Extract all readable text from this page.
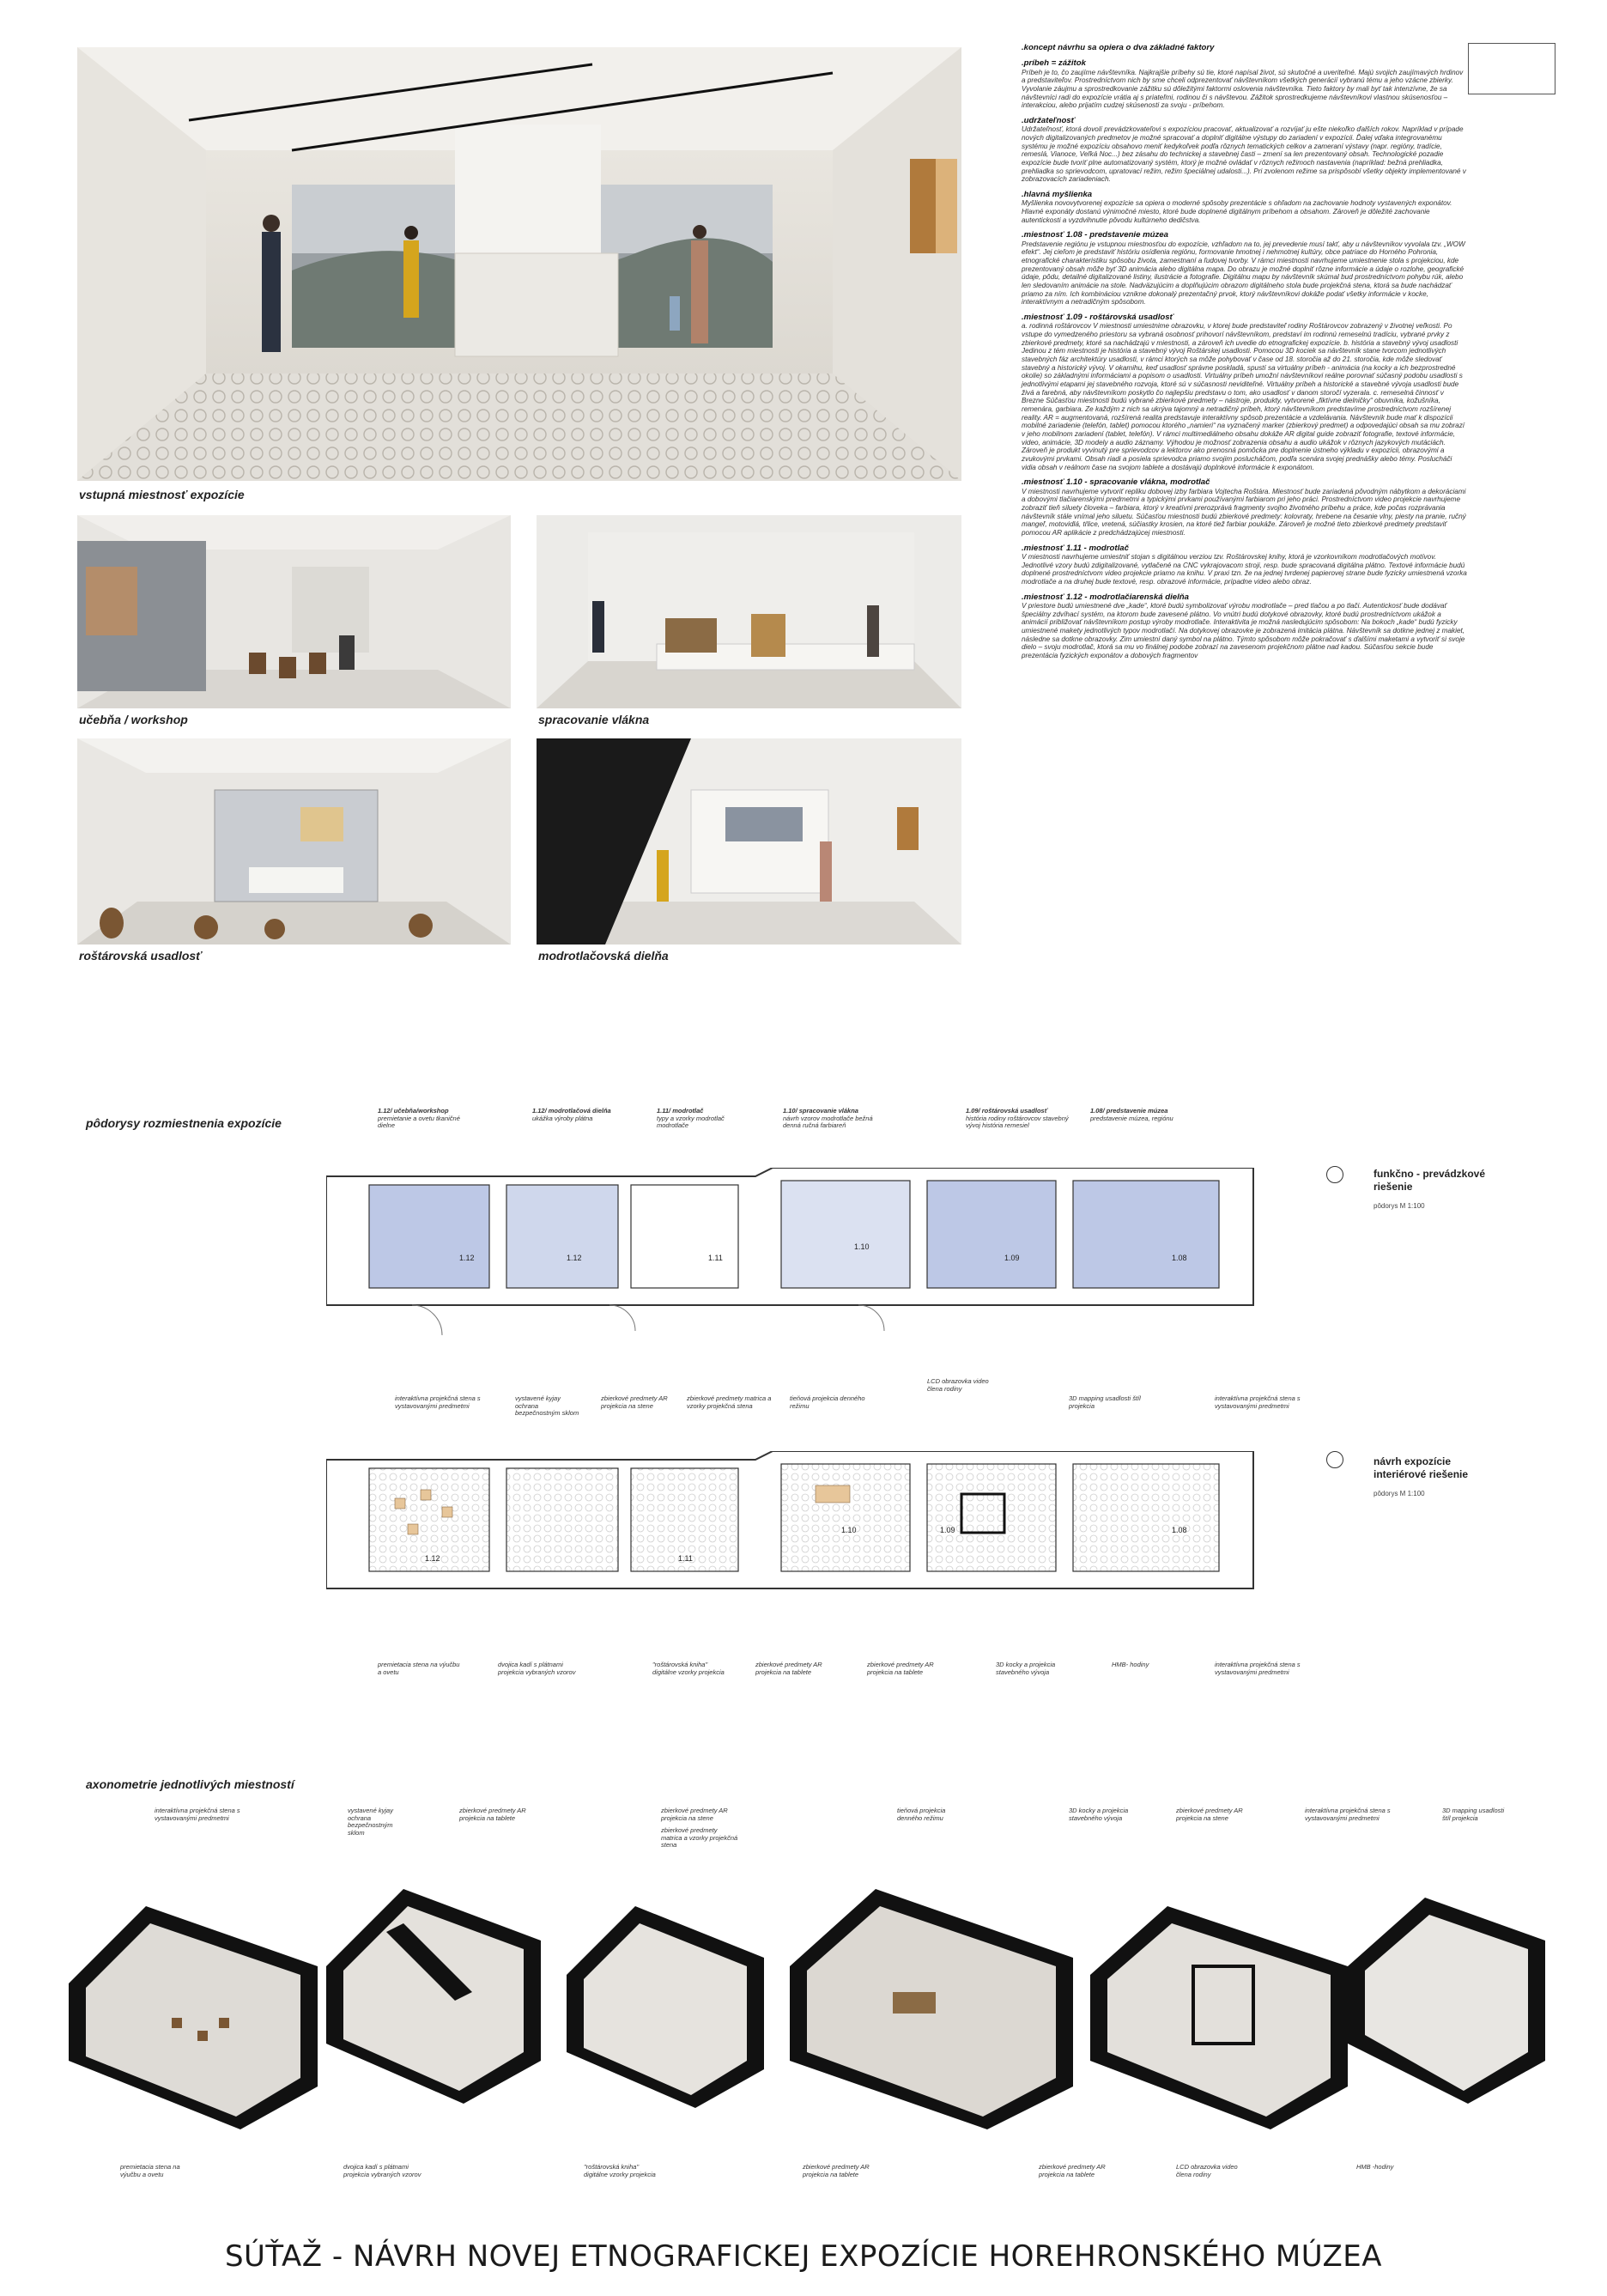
vstupná miestnosť expozície
učebňa / workshop	spracovanie vlákna
roštárovská usadlosť	modrotlačovská dielňa

.koncept návrhu sa opiera o dva základné faktory

.príbeh = zážitok

Príbeh je to, čo zaujíme návštevníka. Najkrajšie príbehy sú tie, ktoré napísal život, sú skutočné a uveriteľné. Majú svojich zaujímavých hrdinov a predstaviteľov. Prostredníctvom nich by sme chceli odprezentovať návštevníkom všetkých generácií vybranú tému a jeho vzácne zbierky. Vyvolanie záujmu a sprostredkovanie zážitku sú dôležitými faktormi oslovenia návštevníka. Tieto faktory by mali byť tak intenzívne, že sa návštevníci radi do expozície vrátia aj s priateľmi, rodinou či s návštevou. Zážitok sprostredkujeme návštevníkovi vlastnou skúsenosťou – interakciou, alebo prijatím cudzej skúsenosti za svoju - príbehom.

.udržateľnosť

Udržateľnosť, ktorá dovolí prevádzkovateľovi s expozíciou pracovať, aktualizovať a rozvíjať ju ešte niekoľko ďalších rokov. Napríklad v prípade nových digitalizovaných predmetov je možné spracovať a doplniť digitálne výstupy do zariadení v expozícii. Ďalej vďaka integrovanému systému je možné expozíciu obsahovo meniť kedykoľvek podľa rôznych tematických celkov a zameraní výstavy (napr. regióny, tradície, remeslá, Vianoce, Veľká Noc...) bez zásahu do technickej a stavebnej časti – zmení sa len prezentovaný obsah. Technologické pozadie expozície bude tvoriť plne automatizovaný systém, ktorý je možné ovládať v rôznych režimoch nastavenia (napríklad: bežná prehliadka, prehliadka so sprievodcom, upratovací režim, režim špeciálnej udalosti...). Pri zvolenom režime sa prispôsobí všetky objekty implementované v zobrazovacích zariadeniach.

.hlavná myšlienka

Myšlienka novovytvorenej expozície sa opiera o moderné spôsoby prezentácie s ohľadom na zachovanie hodnoty vystavených exponátov. Hlavné exponáty dostanú výnimočné miesto, ktoré bude doplnené digitálnym príbehom a obsahom. Zároveň je dôležité zachovanie autentickosti a vyzdvihnutie pôvodu kultúrneho dedičstva.

.miestnosť 1.08 - predstavenie múzea

Predstavenie regiónu je vstupnou miestnosťou do expozície, vzhľadom na to, jej prevedenie musí takť, aby u návštevníkov vyvolala tzv. „WOW efekt“. Jej cieľom je predstaviť históriu osídlenia regiónu, formovanie hmotnej i nehmotnej kultúry, obce patriace do Horného Pohronia, etnografické charakteristiku spôsobu života, zamestnaní a ľudovej tvorby. V rámci miestnosti navrhujeme umiestnenie stola s projekciou, kde prezentovaný obsah môže byť 3D animácia alebo digitálna mapa. Do obrazu je možné doplniť rôzne informácie a údaje o rozlohe, geografické údaje, pôdu, detailné digitalizované listiny, ilustrácie a fotografie. Digitálnu mapu by návštevník skúmal bud prostredníctvom pohybu rúk, alebo len sledovaním animácie na stole. Nadväzujúcim a doplňujúcim obrazom digitálneho stola bude projekčná stena, ktorá sa bude nachádzať priamo za ním. Ich kombináciou vznikne dokonalý prezentačný prvok, ktorý návštevníkovi dokáže podať všetky informácie v kocke, interaktívnym a netradičným spôsobom.

.miestnosť 1.09 - roštárovská usadlosť

a. rodinná roštárovcov V miestnosti umiestnime obrazovku, v ktorej bude predstaviteľ rodiny Roštárovcov zobrazený v životnej veľkosti. Po vstupe do vymedzeného priestoru sa vybraná osobnosť prihovorí návštevníkom, predstaví im rodinnú remeselnú tradíciu, vybrané prvky z zbierkové predmety, ktoré sa nachádzajú v miestnosti, a zároveň ich uvedie do etnografickej expozície. b. história a stavebný vývoj usadlosti Jedinou z tém miestnosti je história a stavebný vývoj Roštárskej usadlosti. Pomocou 3D kociek sa návštevník stane tvorcom jednotlivých stavebných fáz architektúry usadlosti, v rámci ktorých sa môže pohybovať v čase od 18. storočia až do 21. storočia, kde môže sledovať stavebný a historický vývoj. V okamihu, keď usadlosť správne poskladá, spustí sa virtuálny príbeh - animácia (na kocky a ich bezprostredné okolie) so základnými informáciami a popisom o usadlosti. Virtuálny príbeh umožní návštevníkovi reálne porovnať súčasný podobu usadlosti s jednotlivými etapami jej stavebného rozvoja, ktoré sú v súčasnosti neviditeľné. Virtuálny príbeh a historické a stavebné vývoja usadlosti bude živá a farebná, aby návštevníkom poskytlo čo najlepšiu predstavu o tom, ako usadlosť v danom storočí vyzerala. c. remeselná činnosť v Brezne Súčasťou miestnosti budú vybrané zbierkové predmety – nástroje, produkty, vytvorené „fiktívne dielničky“ obuvníka, kožušníka, remenára, garbiara. Ze každým z nich sa ukrýva tajomný a netradičný príbeh, ktorý návštevníkom predstavíme prostredníctvom rozšírenej reality. AR = augmentovaná, rozšírená realita predstavuje interaktívny spôsob prezentácie a vzdelávania. Návštevník bude mať k dispozícii mobilné zariadenie (telefón, tablet) pomocou ktorého „namieri“ na vyznačený marker (zbierkový predmet) a odpovedajúci obsah sa mu zobrazí v jeho mobilnom zariadení (tablet, telefón). V rámci multimediálneho obsahu dokáže AR digital guide zobraziť fotografie, textové informácie, video, animácie, 3D modely a audio záznamy. Výhodou je možnosť zobrazenia obsahu a audio ukážok v rôznych jazykových mutáciách. Zároveň je produkt vyvinutý pre sprievodcov a lektorov ako prenosná pomôcka pre doplnenie ústneho výkladu v expozícii, obrazovými a zvukovými prvkami. Obsah riadi a posiela sprievodca priamo svojim poslucháčom, podľa scenára svojej prednášky alebo témy. Poslucháči vidia obsah v reálnom čase na svojom tablete a dostávajú doplnkové informácie k exponátom.

.miestnosť 1.10 - spracovanie vlákna, modrotlač

V miestnosti navrhujeme vytvoriť repliku dobovej izby farbiara Vojtecha Roštára. Miestnosť bude zariadená pôvodným nábytkom a dekoráciami a dobovými tlačiarenskými predmetmi a typickými prvkami používanými farbiarom pri jeho práci. Prostredníctvom video projekcie navrhujeme zobraziť tieň siluety človeka – farbiara, ktorý v kreatívni prerozprává fragmenty svojho životného príbehu a práce, kde počas rozprávania návštevník stále vnímal jeho siluetu. Súčasťou miestnosti budú zbierkové predmety: kolovraty, hrebene na česanie vlny, piesty na pranie, ručný mangeľ, motovidlá, tŕlice, vretená, súčiastky krosien, na ktoré tiež farbiar poukáže. Zároveň je možné tieto zbierkové predmety predstaviť pomocou AR aplikácie z predchádzajúcej miestnosti.

.miestnosť 1.11 - modrotlač

V miestnosti navrhujeme umiestniť stojan s digitálnou verziou tzv. Roštárovskej knihy, ktorá je vzorkovníkom modrotlačových motívov. Jednotlivé vzory budú zdigitalizované, vytlačené na CNC vykrajovacom stroji, resp. bude spracovaná digitálna plátno. Textové informácie budú doplnené prostredníctvom video projekcie priamo na knihu. V praxi tzn. že na jednej tvrdenej papierovej strane bude fyzicky umiestnená vzorka modrotlače a na druhej bude textové, resp. obrazové informácie, prípadne video alebo obraz.

.miestnosť 1.12 - modrotlačiarenská dielňa

V priestore budú umiestnené dve „kade“, ktoré budú symbolizovať výrobu modrotlače – pred tlačou a po tlači. Autentickosť bude dodávať špeciálny zdvíhací systém, na ktorom bude zavesené plátno. Vo vnútri budú dotykové obrazovky, ktoré budú prostredníctvom ukážok a animácií približovať návštevníkom postup výroby modrotlače. Interaktivita je možná nasledujúcim spôsobom: Na bokoch „kade“ budú fyzicky umiestnené makety jednotlivých typov modrotlačí. Na dotykovej obrazovke je zobrazená imitácia plátna. Návštevník sa dotkne jednej z makiet, následne sa dotkne obrazovky. Zim umiestní daný symbol na plátno. Týmto spôsobom môže pokračovať s ďalšími maketami a vytvoriť si svoje dielo – svoju modrotlač, ktorá sa mu vo finálnej podobe zobrazí na zavesenom projekčnom plátne nad kadou. Súčasťou sekcie bude prezentácia fyzických exponátov a dobových fragmentov

pôdorysy rozmiestnenia expozície
1.12/ učebňa/workshop
premietanie a ovetu tkaničné dielne
1.12/ modrotlačová dielňa
ukážka výroby plátna
1.11/ modrotlač
typy a vzorky modrotlač modrotlače
1.10/ spracovanie vlákna
návrh vzorov modrotlače bežná denná ručná farbiareň
1.09/ roštárovská usadlosť
história rodiny roštárovcov stavebný vývoj história remesiel
1.08/ predstavenie múzea
predstavenie múzea, regiónu
1.12	1.12	1.11
1.10
1.09	1.08
funkčno - prevádzkové riešenie
pôdorys M 1:100
interaktívna projekčná stena s vystavovanými predmetmi
vystavené kyjay ochrana bezpečnostným sklom
zbierkové predmety AR projekcia na stene
zbierkové predmety matrica a vzorky projekčná stena
tieňová projekcia denného režimu
LCD obrazovka video člena rodiny
3D mapping usadlosti štíl projekcia
interaktívna projekčná stena s vystavovanými predmetmi
1.12	1.11
1.10	1.09	1.08
návrh expozície interiérové riešenie
pôdorys M 1:100
premietacia stena na výučbu a ovetu
dvojica kadí s plátnami projekcia vybraných vzorov
"roštárovská kniha" digitálne vzorky projekcia
zbierkové predmety AR projekcia na tablete
zbierkové predmety AR projekcia na tablete
3D kocky a projekcia stavebného vývoja
HMB- hodiny	interaktívna projekčná stena s vystavovanými predmetmi
axonometrie jednotlivých miestností
interaktívna projekčná stena s vystavovanými predmetmi
vystavené kyjay ochrana bezpečnostným sklom
zbierkové predmety AR projekcia na tablete
zbierkové predmety AR projekcia na stene
zbierkové predmety matrica a vzorky projekčná stena
tieňová projekcia denného režimu
3D kocky a projekcia stavebného vývoja
zbierkové predmety AR projekcia na stene
interaktívna projekčná stena s vystavovanými predmetmi
3D mapping usadlosti štíl projekcia
premietacia stena na výučbu a ovetu
dvojica kadí s plátnami projekcia vybraných vzorov
"roštárovská kniha" digitálne vzorky projekcia
zbierkové predmety AR projekcia na tablete
zbierkové predmety AR projekcia na tablete
LCD obrazovka video člena rodiny
HMB -hodiny
SÚŤAŽ - NÁVRH NOVEJ ETNOGRAFICKEJ EXPOZÍCIE HOREHRONSKÉHO MÚZEA
